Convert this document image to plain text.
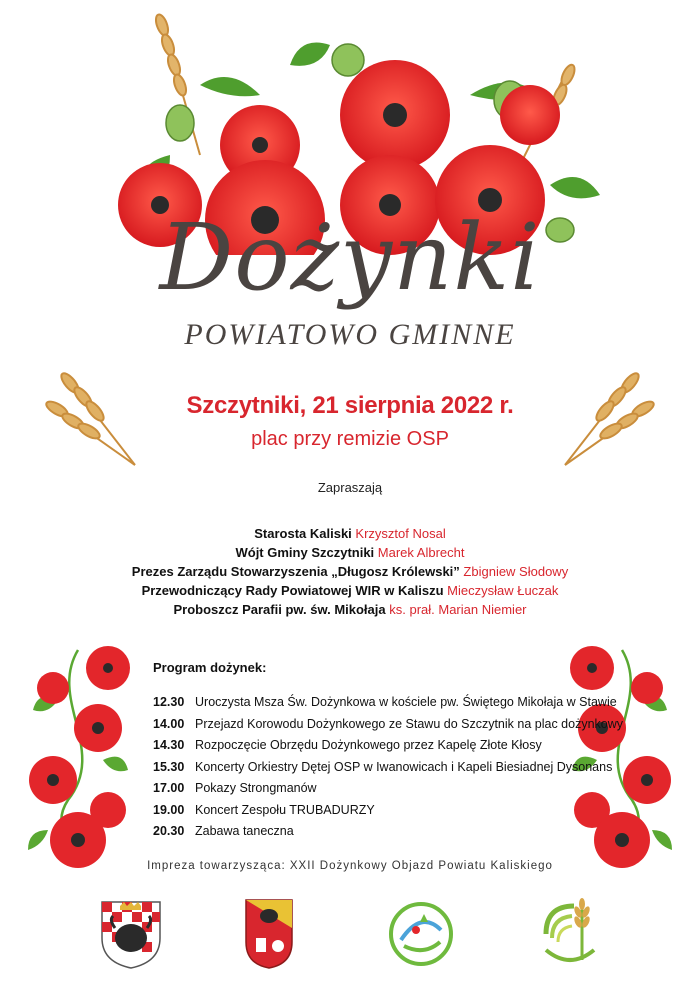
Dożynki
POWIATOWO GMINNE
Szczytniki, 21 sierpnia 2022 r.
plac przy remizie OSP
Zapraszają
Starosta Kaliski Krzysztof Nosal
Wójt Gminy Szczytniki Marek Albrecht
Prezes Zarządu Stowarzyszenia „Długosz Królewski” Zbigniew Słodowy
Przewodniczący Rady Powiatowej WIR w Kaliszu Mieczysław Łuczak
Proboszcz Parafii pw. św. Mikołaja ks. prał. Marian Niemier
Program dożynek:
12.30 Uroczysta Msza Św. Dożynkowa w kościele pw. Świętego Mikołaja w Stawie
14.00 Przejazd Korowodu Dożynkowego ze Stawu do Szczytnik na plac dożynkowy
14.30 Rozpoczęcie Obrzędu Dożynkowego przez Kapelę Złote Kłosy
15.30 Koncerty Orkiestry Dętej OSP w Iwanowicach i Kapeli Biesiadnej Dysonans
17.00 Pokazy Strongmanów
19.00 Koncert Zespołu TRUBADURZY
20.30 Zabawa taneczna
Impreza towarzysząca: XXII Dożynkowy Objazd Powiatu Kaliskiego
